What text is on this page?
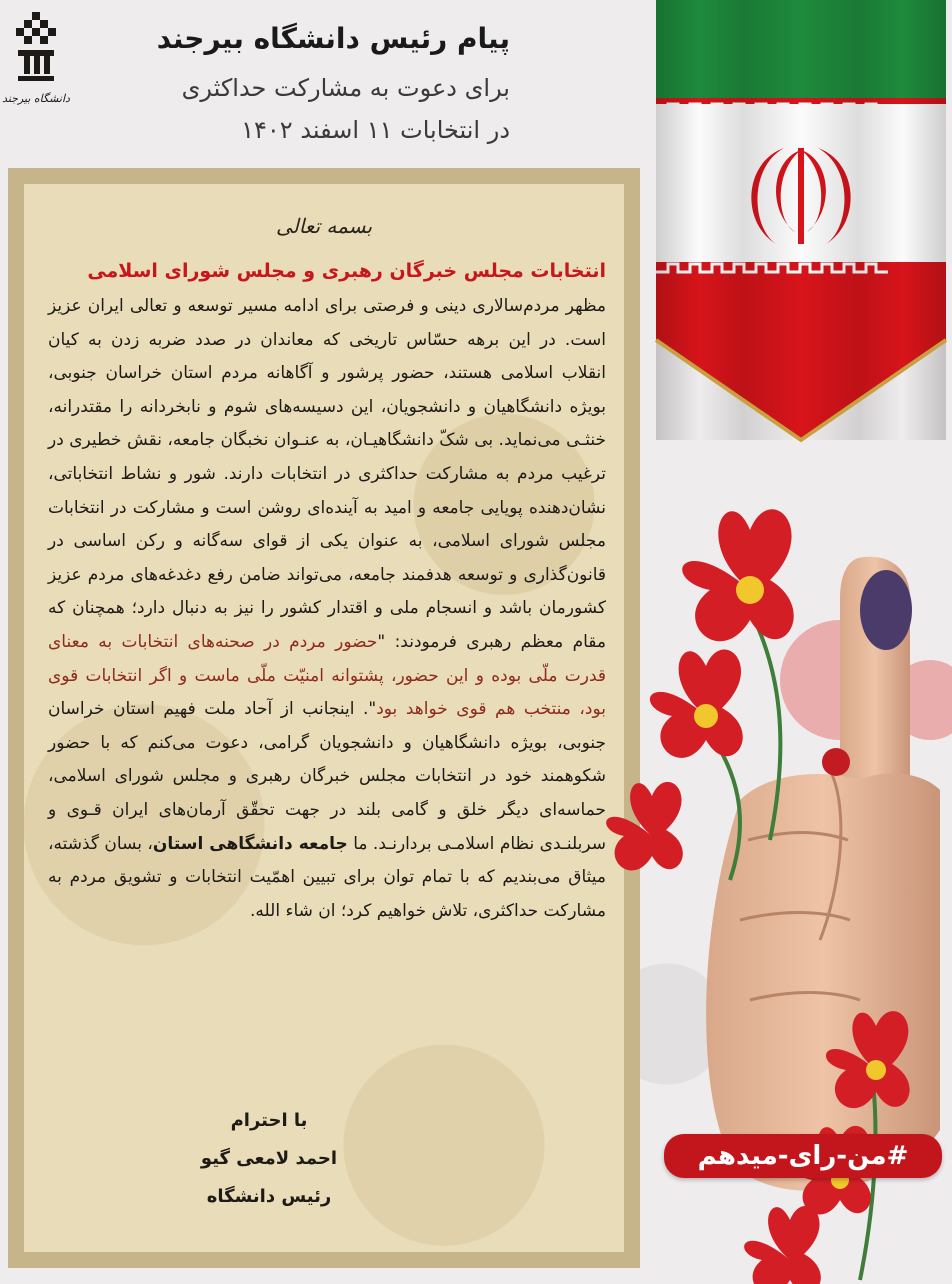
دانشگاه بیرجند
پیام رئیس دانشگاه بیرجند
برای دعوت به مشارکت حداکثری
در انتخابات ۱۱ اسفند ۱۴۰۲
بسمه تعالی
انتخابات مجلس خبرگان رهبری و مجلس شورای اسلامی
مظهر مردم‌سالاری دینی و فرصتی برای ادامه مسیر توسعه و تعالی ایران عزیز است. در این برهه حسّاس تاریخی که معاندان در صدد ضربه زدن به کیان انقلاب اسلامی هستند، حضور پرشور و آگاهانه مردم استان خراسان جنوبی، بویژه دانشگاهیان و دانشجویان، این دسیسه‌های شوم و نابخردانه را مقتدرانه، خنثـی می‌نماید. بی شکّ دانشگاهیـان، به عنـوان نخبگان جامعه، نقش خطیری در ترغیب مردم به مشارکت حداکثری در انتخابات دارند. شور و نشاط انتخاباتی، نشان‌دهنده پویایی جامعه و امید به آینده‌ای روشن است و مشارکت در انتخابات مجلس شورای اسلامی، به عنوان یکی از قوای سه‌گانه و رکن اساسی در قانون‌گذاری و توسعه هدفمند جامعه، می‌تواند ضامن رفع دغدغه‌های مردم عزیز کشورمان باشد و انسجام ملی و اقتدار کشور را نیز به دنبال دارد؛ همچنان که مقام معظم رهبری فرمودند: "حضور مردم در صحنه‌های انتخابات به معنای قدرت ملّی بوده و این حضور، پشتوانه امنیّت ملّی ماست و اگر انتخابات قوی بود، منتخب هم قوی خواهد بود". اینجانب از آحاد ملت فهیم استان خراسان جنوبی، بویژه دانشگاهیان و دانشجویان گرامی، دعوت می‌کنم که با حضور شکوهمند خود در انتخابات مجلس خبرگان رهبری و مجلس شورای اسلامی، حماسه‌ای دیگر خلق و گامی بلند در جهت تحقّق آرمان‌های ایران قـوی و سربلنـدی نظام اسلامـی بردارنـد. ما جامعه دانشگاهی استان، بسان گذشته، میثاق می‌بندیم که با تمام توان برای تبیین اهمّیت انتخابات و تشویق مردم به مشارکت حداکثری، تلاش خواهیم کرد؛ ان شاء الله.
با احترام
احمد لامعی گیو
رئیس دانشگاه
#من-رای-میدهم
